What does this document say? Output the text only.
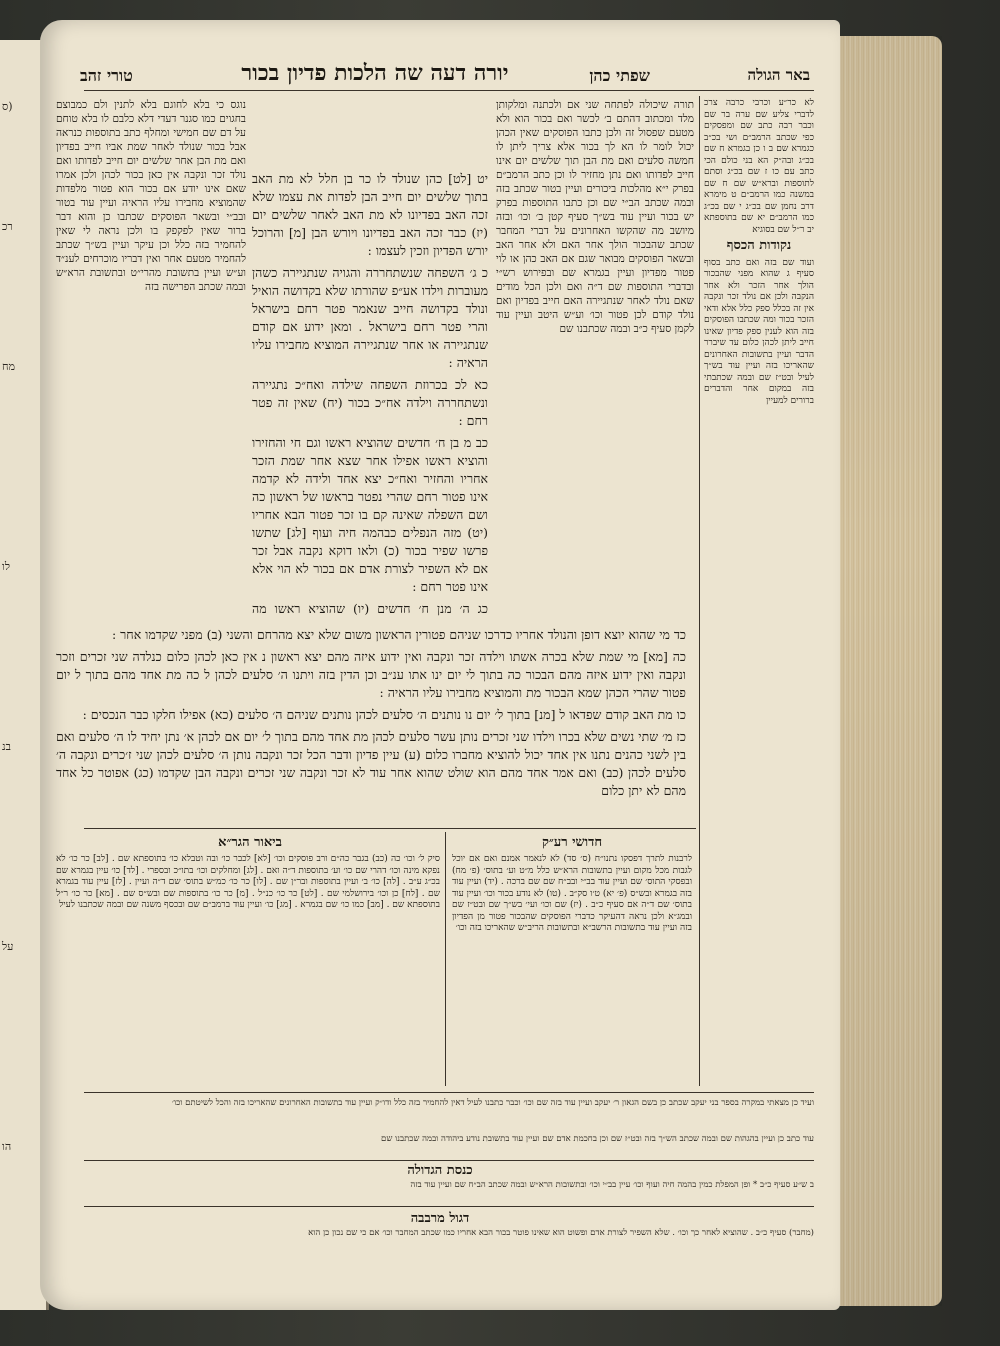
(ס
רכ
מח
לו
בנ
על
הו
באר הגולה
שפתי כהן
יורה דעה שה הלכות פדיון בכור
טורי זהב

לא כר״ע וכרבי כרבה צרכ לדברי צליע שם ערה בר שם וכבר רבה כתב שם ומפסקים כפי שכתב הרמב״ם ושי בכ״ב כגמרא שם ב ו כן בגמרא ח שם בכ״ג ובה״ק הא בני כולם הכי כתב עם כו ז שם בכ״ג וסתם לתוספות וברא״ש שם ח שם במשנה כמו הרמב״ם ט מימרא דרב נחמן שם בכ״ג י שם בכ״ג כמו הרמב״ם יא שם בתוספתא יב ר״ל שם בסוגיא

נקודות הכסף

ועוד שם בזה ואם כתב בסוף סעיף ג שהוא מפני שהבכור הולך אחר הזכר ולא אחר הנקבה ולכן אם נולד זכר ונקבה אין זה בכלל ספק כלל אלא ודאי הזכר בכור ומה שכתבו הפוסקים בזה הוא לענין ספק פדיון שאינו חייב ליתן לכהן כלום עד שיברר הדבר ועיין בתשובות האחרונים שהאריכו בזה ועיין עוד בש״ך לעיל ובט״ז שם ובמה שכתבתי בזה במקום אחר והדברים ברורים למעיין

תורה שיכולה לפתחה שני אם ולכתנה ומלקותן מלד ומכתוב דהתם ב׳ לכשר ואם בכור הוא ולא מטעם שפסול זה ולכן כתבו הפוסקים שאין הכהן יכול לומר לו הא לך בכור אלא צריך ליתן לו חמשה סלעים ואם מת הבן תוך שלשים יום אינו חייב לפדותו ואם נתן מחזיר לו וכן כתב הרמב״ם בפרק י״א מהלכות ביכורים ועיין בטור שכתב בזה ובמה שכתב הב״י שם וכן כתבו התוספות בפרק יש בכור ועיין עוד בש״ך סעיף קטן ב׳ וכו׳ ובזה מיושב מה שהקשו האחרונים על דברי המחבר שכתב שהבכור הולך אחר האם ולא אחר האב ובשאר הפוסקים מבואר שגם אם האב כהן או לוי פטור מפדיון ועיין בגמרא שם ובפירוש רש״י ובדברי התוספות שם ד״ה ואם ולכן הכל מודים שאם נולד לאחר שנתגיירה האם חייב בפדיון ואם נולד קודם לכן פטור וכו׳ וע״ש היטב ועיין עוד לקמן סעיף כ״ב ובמה שכתבנו שם

נוגס כי בלא לחוגם בלא לתנין ולם כמבוצם בחגוים כמו סגנר דעדי דלא כלבם לו בלא טוחם על דם שם חמישי ומחלף כתב בתוספות כנראה אבל בכור שנולד לאחר שמת אביו חייב בפדיון ואם מת הבן אחר שלשים יום חייב לפדותו ואם נולד זכר ונקבה אין כאן בכור לכהן ולכן אמרו שאם אינו יודע אם בכור הוא פטור מלפדות שהמוציא מחבירו עליו הראיה ועיין עוד בטור ובב״י ובשאר הפוסקים שכתבו כן והוא דבר ברור שאין לפקפק בו ולכן נראה לי שאין להחמיר בזה כלל וכן עיקר ועיין בש״ך שכתב להחמיר מטעם אחר ואין דבריו מוכרחים לענ״ד וע״ש ועיין בתשובת מהרי״ט ובתשובת הרא״ש ובמה שכתב הפרישה בזה

יט [לט] כהן שנולד לו כר בן חלל לא מת האב בתוך שלשים יום חייב הבן לפדות את עצמו שלא זכה האב בפדיונו לא מת האב לאחר שלשים יום (יז) כבר זכה האב בפדיונו ויורש הבן [מ] והרוכל יורש הפדיון וזכין לעצמו :

כ ג׳ השפחה שנשתחררה והגויה שנתגיירה כשהן מעוברות וילדו אע״פ שהורתו שלא בקדושה הואיל ונולד בקדושה חייב שנאמר פטר רחם בישראל והרי פטר רחם בישראל . ומאן ידוע אם קודם שנתגיירה או אחר שנתגיירה המוציא מחבירו עליו הראיה :

כא לכ בכרוזת השפחה שילדה ואח״כ נתגיירה ונשתחררה וילדה אח״כ בכור (יח) שאין זה פטר רחם :

כב מ בן ח׳ חדשים שהוציא ראשו וגם חי והחזירו והוציא ראשו אפילו אחר שצא אחר שמת הזכר אחריו והחזיר ואח״כ יצא אחד ולידה לא קדמה אינו פטור רחם שהרי נפטר בראשו של ראשון כה ושם השפלה שאינה קם בו זכר פטור הבא אחריו (יט) מזה הנפלים כבהמה חיה ועוף [לג] שתשו פרשו שפיר בכור (כ) ולאו דוקא נקבה אבל זכר אם לא השפיר לצורת אדם אם בכור לא הוי אלא אינו פטר רחם :

כג ה׳ מנן ח׳ חדשים (יו) שהוציא ראשו מה

כד מי שהוא יוצא דופן והנולד אחריו כדרכו שניהם פטורין הראשון משום שלא יצא מהרחם והשני (ב) מפני שקדמו אחר :

כה [מא] מי שמת שלא בכרה אשתו וילדה זכר ונקבה ואין ידוע איזה מהם יצא ראשון נ אין כאן לכהן כלום כנלדה שני זכרים וזכר ונקבה ואין ידוע איזה מהם הבכור כה בתוך לי יום ינו אתו ענ״ב וכן הדין בזה ויתנו ה׳ סלעים לכהן ל כה מת אחד מהם בתוך ל יום פטור שהרי הכהן שמא הבכור מת והמוציא מחבירו עליו הראיה :

כו מת האב קודם שפדאו ל [מנ] בתוך ל׳ יום נו נותנים ה׳ סלעים לכהן נותנים שניהם ה׳ סלעים (כא) אפילו חלקו כבר הנכסים :

כז מ׳ שתי נשים שלא בכרו וילדו שני זכרים נותן עשר סלעים לכהן מת אחד מהם בתוך ל׳ יום אם לכהן א׳ נתן יחיד לו ה׳ סלעים ואם בין לשני כהנים נתנו אין אחד יכול להוציא מחברו כלום (ע) עיין פדיון ודבר הכל זכר ונקבה נותן ה׳ סלעים לכהן שני ז׳כרים ונקבה ה׳ סלעים לכהן (כב) ואם אמר אחד מהם הוא שולט שהוא אחר עוד לא זכר ונקבה שני זכרים ונקבה הבן שקדמו (כג) אפוטר כל אחד מהם לא יתן כלום

חדושי רע״ק
ביאור הגר״א

לרבנות לתרך דפסקו נתנו״ח (ס׳ סד) לא לנאמר אמנם ואם אם יוכל לגבות מכל מקום ועיין בתשובות הרא״ש כלל מ״ט וע׳ בתוס׳ (פ׳ מח) ובפסקי התוס׳ שם ועיין עוד בב״י ובב״ח שם שם ברכה . (יד) ועיין עוד בזה בגמרא ובש״ס (פ׳ יא) ט׳ו סק״ב . (טו) לא נודע בכור וכו׳ ועיין עוד בתוס׳ שם ד״ה אם סעיף כ״ב . (יז) שם וכו׳ ועי׳ בש״ך שם ובט״ז שם ובמג״א ולכן נראה דהעיקר כדברי הפוסקים שהבכור פטור מן הפדיון בזה ועיין עוד בתשובות הרשב״א ובתשובות הריב״ש שהאריכו בזה וכו׳

סיק ל׳ וכו׳ כה (כב) בגבר כה״ם ורב פוסקים וכו׳ [לא] לכבר כו׳ ובה וטבלא כו׳ בתוספתא שם . [לב] כר כו׳ לא נפקא מינה וכו׳ דהרי שם כו׳ וע׳ בתוספות ד״ה ואם . [לג] ומחלקים וכו׳ בתו״כ ובספרי . [לד] כו׳ עיין בגמרא שם בכ״ג ע״ב . [לה] כו׳ ב׳ ועיין בתוספות ובר״ן שם . [לו] כר כו׳ כמ״ש בתוס׳ שם ד״ה ועיין . [לז] עיין עוד בגמרא שם . [לח] כן וכו׳ בירושלמי שם . [לט] כר כו׳ כנ״ל . [מ] כר כו׳ בתוספות שם ובש״ס שם . [מא] כר כו׳ ר״ל בתוספתא שם . [מב] כמו כו׳ שם בגמרא . [מג] כו׳ ועיין עוד ברמב״ם שם ובכסף משנה שם ובמה שכתבנו לעיל

ועיד כן מצאתי במקרה בספר בני יעקב שכתב כן בשם הגאון ר׳ יעקב ועיין עוד בזה שם וכו׳ וכבר כתבנו לעיל דאין להחמיר בזה כלל ודו״ק ועיין עוד בתשובות האחרונים שהאריכו בזה והכל לשיטתם וכו׳
עוד כתב כן ועיין בהגהות שם ובמה שכתב הש״ך בזה ובט״ז שם וכן בחכמת אדם שם ועיין עוד בתשובת נודע ביהודה ובמה שכתבנו שם
כנסת הגדולה
ב ש״ע סעיף כ״ב * ופן המפלת כמין בהמה חיה ועוף וכו׳ עיין בב״י וכו׳ ובתשובות הרא״ש ובמה שכתב הב״ח שם ועיין עוד בזה
דגול מרבבה
(מחבר) סעיף כ״ב . שהוציא לאחר כך וכו׳ . שלא השפיר לצורת אדם ופשוט הוא שאינו פוטר בכור הבא אחריו כמו שכתב המחבר וכו׳ אם כי שם נכון כן הוא
